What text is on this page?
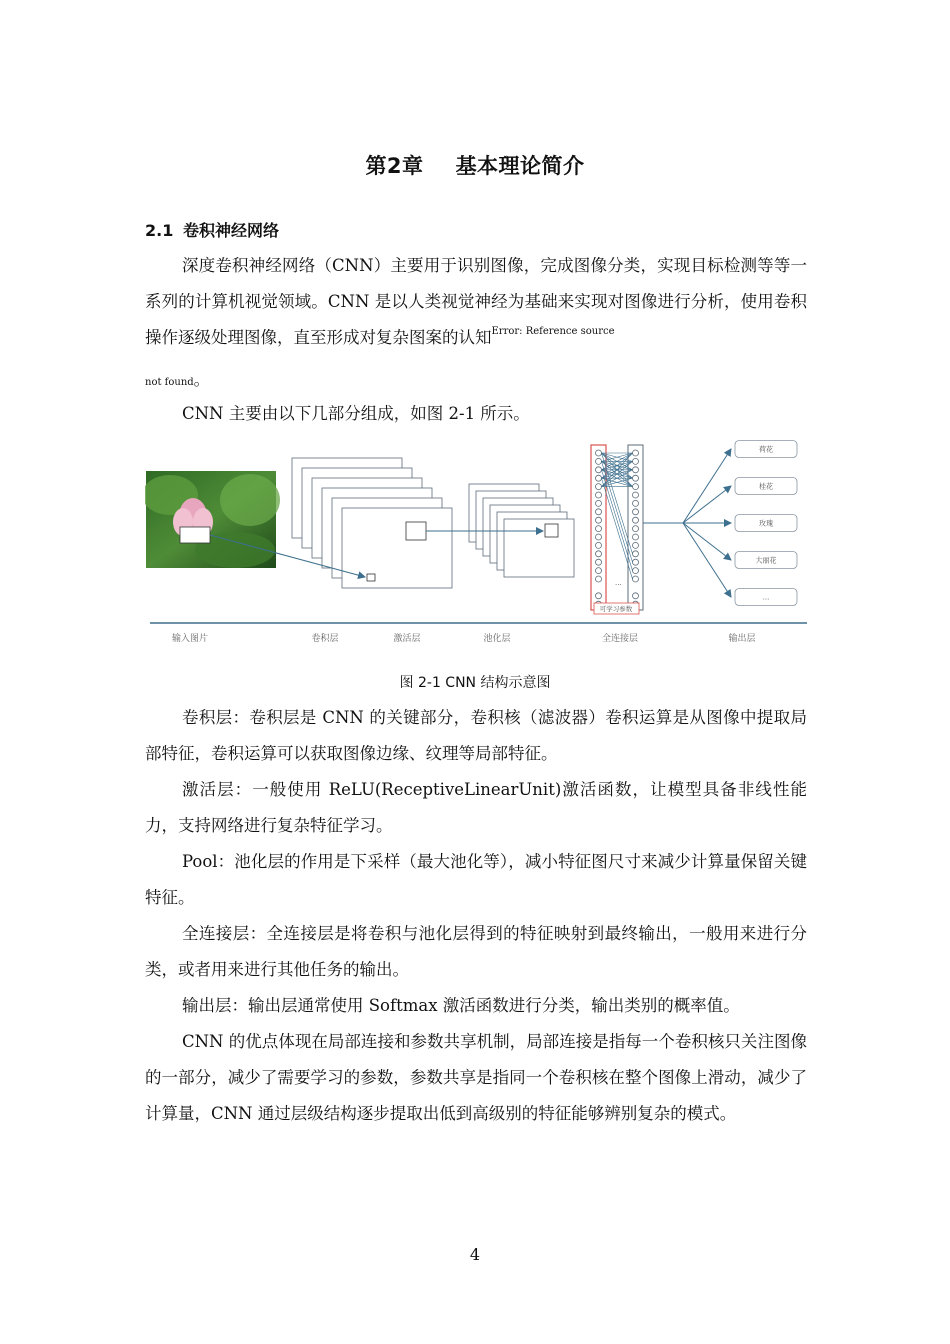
第2章 基本理论简介
2.1 卷积神经网络
深度卷积神经网络（CNN）主要用于识别图像，完成图像分类，实现目标检测等等一系列的计算机视觉领域。CNN 是以人类视觉神经为基础来实现对图像进行分析，使用卷积操作逐级处理图像，直至形成对复杂图案的认知$^{Error: Reference source}$
not found。
CNN 主要由以下几部分组成，如图 2-1 所示。
...
可学习参数
荷花
桂花
玫瑰
大丽花
...
输入图片	卷积层	激活层	池化层	全连接层	输出层
图 2-1 CNN 结构示意图

卷积层：卷积层是 CNN 的关键部分，卷积核（滤波器）卷积运算是从图像中提取局部特征，卷积运算可以获取图像边缘、纹理等局部特征。

激活层：一般使用 ReLU(ReceptiveLinearUnit)激活函数，让模型具备非线性能力，支持网络进行复杂特征学习。

Pool：池化层的作用是下采样（最大池化等），减小特征图尺寸来减少计算量保留关键特征。

全连接层：全连接层是将卷积与池化层得到的特征映射到最终输出，一般用来进行分类，或者用来进行其他任务的输出。

输出层：输出层通常使用 Softmax 激活函数进行分类，输出类别的概率值。

CNN 的优点体现在局部连接和参数共享机制，局部连接是指每一个卷积核只关注图像的一部分，减少了需要学习的参数，参数共享是指同一个卷积核在整个图像上滑动，减少了计算量，CNN 通过层级结构逐步提取出低到高级别的特征能够辨别复杂的模式。

4
